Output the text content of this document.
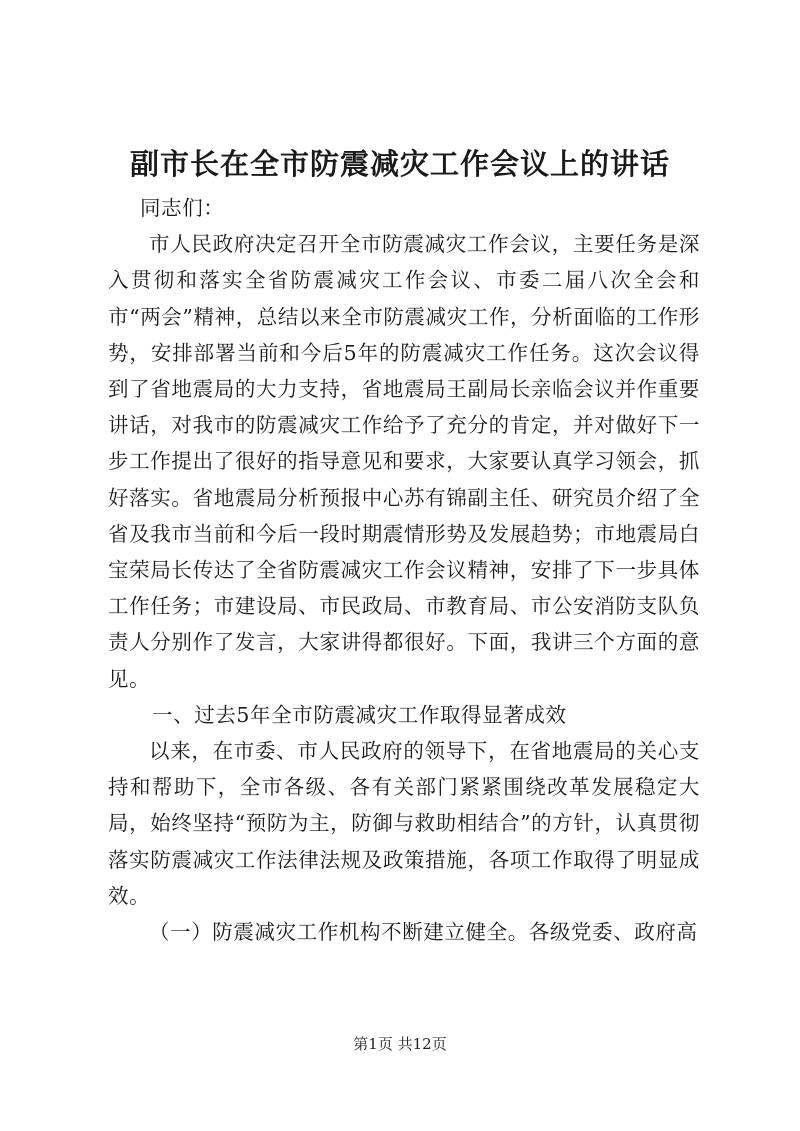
副市长在全市防震减灾工作会议上的讲话

同志们：

市人民政府决定召开全市防震减灾工作会议，主要任务是深入贯彻和落实全省防震减灾工作会议、市委二届八次全会和市“两会”精神，总结以来全市防震减灾工作，分析面临的工作形势，安排部署当前和今后5年的防震减灾工作任务。这次会议得到了省地震局的大力支持，省地震局王副局长亲临会议并作重要讲话，对我市的防震减灾工作给予了充分的肯定，并对做好下一步工作提出了很好的指导意见和要求，大家要认真学习领会，抓好落实。省地震局分析预报中心苏有锦副主任、研究员介绍了全省及我市当前和今后一段时期震情形势及发展趋势；市地震局白宝荣局长传达了全省防震减灾工作会议精神，安排了下一步具体工作任务；市建设局、市民政局、市教育局、市公安消防支队负责人分别作了发言，大家讲得都很好。下面，我讲三个方面的意见。

一、过去5年全市防震减灾工作取得显著成效

以来，在市委、市人民政府的领导下，在省地震局的关心支持和帮助下，全市各级、各有关部门紧紧围绕改革发展稳定大局，始终坚持“预防为主，防御与救助相结合”的方针，认真贯彻落实防震减灾工作法律法规及政策措施，各项工作取得了明显成效。

（一）防震减灾工作机构不断建立健全。各级党委、政府高

第1页 共12页
